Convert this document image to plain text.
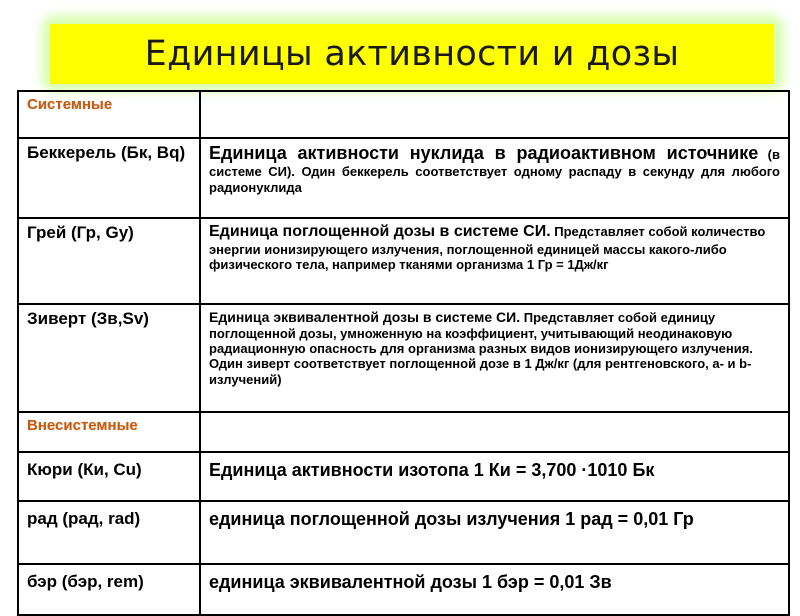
Единицы активности и дозы
Системные	
Беккерель (Бк, Bq)	Единица активности нуклида в радиоактивном источнике (в системе СИ). Один беккерель соответствует одному распаду в секунду для любого радионуклида
Грей (Гр, Gy)	Единица поглощенной дозы в системе СИ. Представляет собой количество энергии ионизирующего излучения, поглощенной единицей массы какого-либо физического тела, например тканями организма 1 Гр = 1Дж/кг
Зиверт (Зв,Sv)	Единица эквивалентной дозы в системе СИ. Представляет собой единицу поглощенной дозы, умноженную на коэффициент, учитывающий неодинаковую радиационную опасность для организма разных видов ионизирующего излучения. Один зиверт соответствует поглощенной дозе в 1 Дж/кг (для рентгеновского, a- и b-излучений)
Внесистемные	
Кюри (Ки, Cu)	Единица активности изотопа 1 Ки = 3,700 ·1010 Бк
рад (рад, rad)	единица поглощенной дозы излучения 1 рад = 0,01 Гр
бэр (бэр, rem)	единица эквивалентной дозы 1 бэр = 0,01 Зв
